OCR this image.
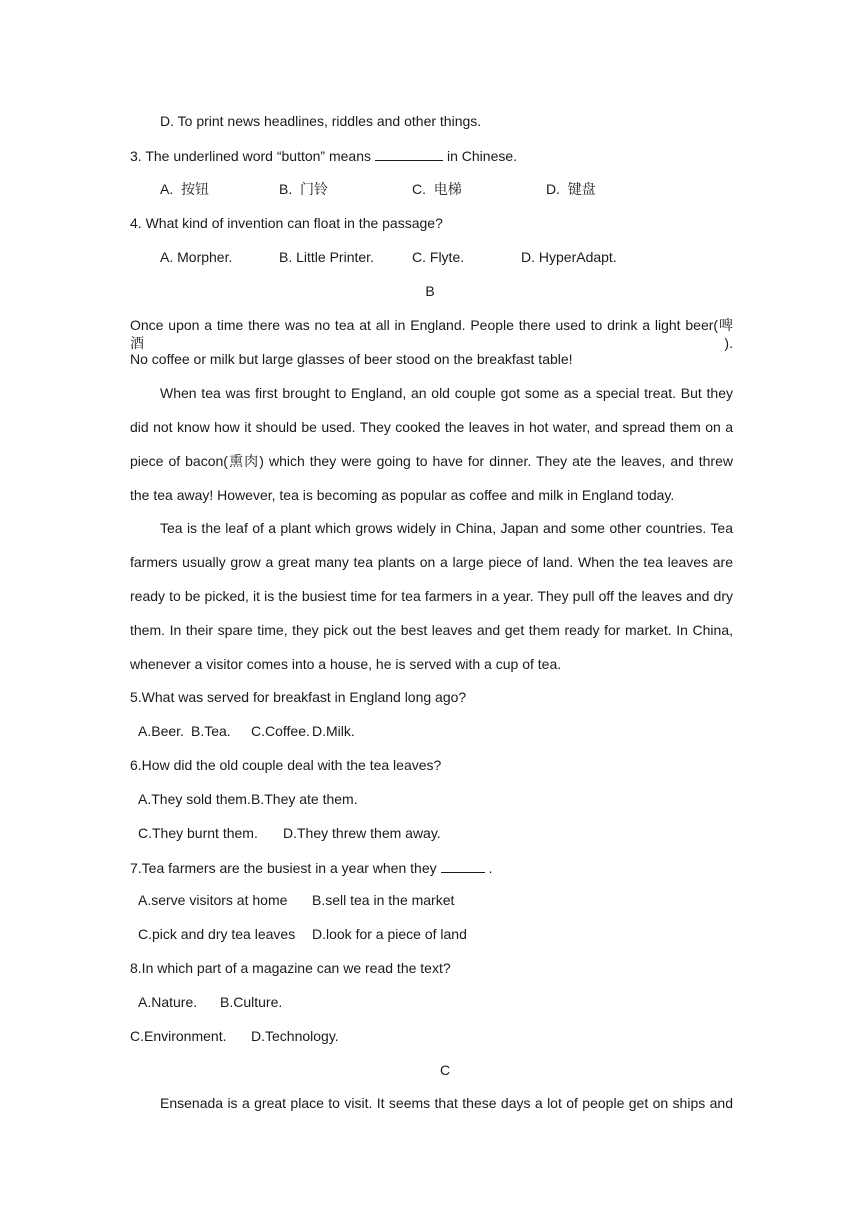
D. To print news headlines, riddles and other things.
3. The underlined word “button” means	in Chinese.
A.  按钮	B.  门铃	C.  电梯	D.  键盘
4. What kind of invention can float in the passage?
A. Morpher.	B. Little Printer.	C. Flyte.	D. HyperAdapt.
B
Once upon a time there was no tea at all in England. People there used to drink a light beer(啤酒).
No coffee or milk but large glasses of beer stood on the breakfast table!
When tea was first brought to England, an old couple got some as a special treat. But they
did not know how it should be used. They cooked the leaves in hot water, and spread them on a
piece of bacon(熏肉) which they were going to have for dinner. They ate the leaves, and threw
the tea away! However, tea is becoming as popular as coffee and milk in England today.
Tea is the leaf of a plant which grows widely in China, Japan and some other countries. Tea
farmers usually grow a great many tea plants on a large piece of land. When the tea leaves are
ready to be picked, it is the busiest time for tea farmers in a year. They pull off the leaves and dry
them. In their spare time, they pick out the best leaves and get them ready for market. In China,
whenever a visitor comes into a house, he is served with a cup of tea.
5.What was served for breakfast in England long ago?
A.Beer. B.Tea. C.Coffee. D.Milk.
6.How did the old couple deal with the tea leaves?
A.They sold them. B.They ate them.
C.They burnt them. D.They threw them away.
7.Tea farmers are the busiest in a year when they	.
A.serve visitors at home B.sell tea in the market
C.pick and dry tea leaves D.look for a piece of land
8.In which part of a magazine can we read the text?
A.Nature. B.Culture.
C.Environment. D.Technology.
C
Ensenada is a great place to visit. It seems that these days a lot of people get on ships and
